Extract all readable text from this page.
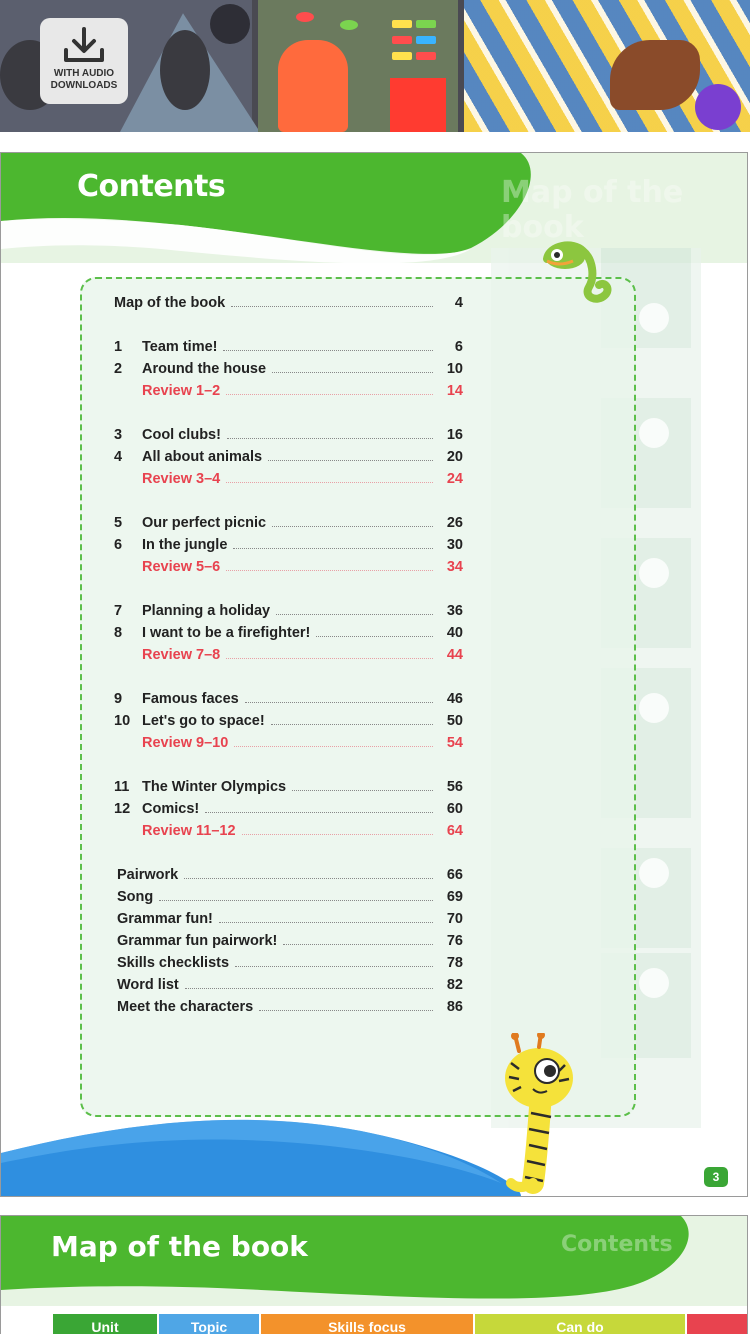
WITH AUDIO
DOWNLOADS
Map of the book
Contents
Map of the book	4
1	Team time!	6
2	Around the house	10
Review 1–2	14
3	Cool clubs!	16
4	All about animals	20
Review 3–4	24
5	Our perfect picnic	26
6	In the jungle	30
Review 5–6	34
7	Planning a holiday	36
8	I want to be a firefighter!	40
Review 7–8	44
9	Famous faces	46
10 Let's go to space!	50
Review 9–10	54
11 The Winter Olympics	56
12 Comics!	60
Review 11–12	64
Pairwork	66
Song	69
Grammar fun!	70
Grammar fun pairwork!	76
Skills checklists	78
Word list	82
Meet the characters	86
3
Map of the book	Contents
Unit	Topic	Skills focus	Can do
